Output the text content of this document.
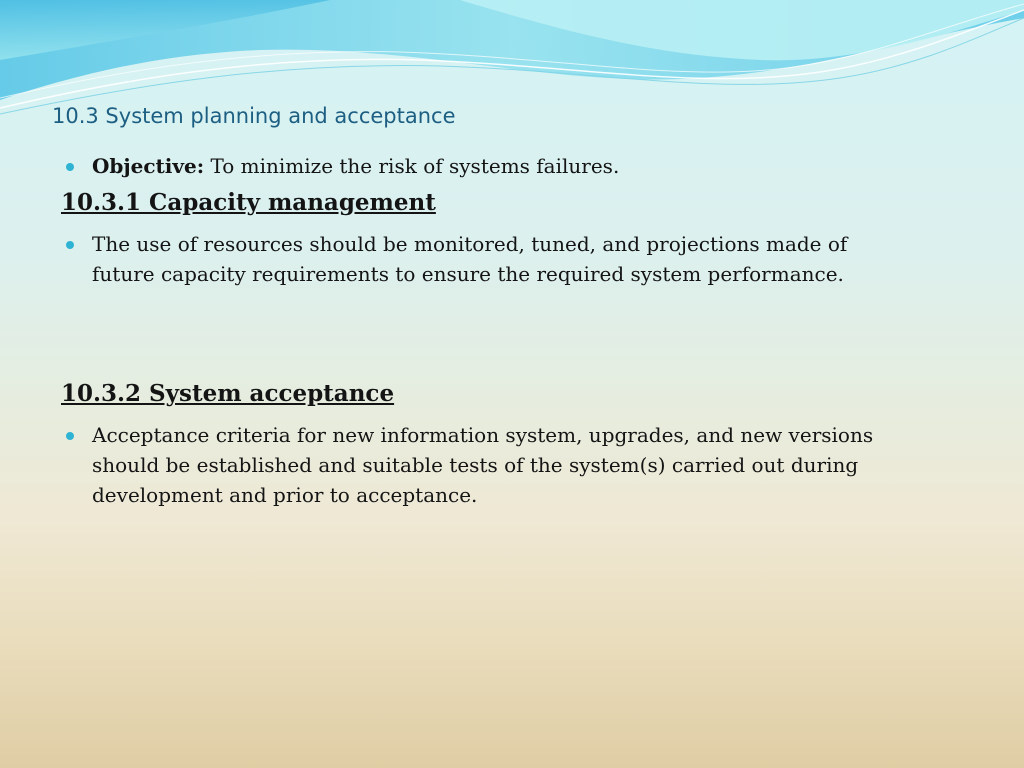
10.3 System planning and acceptance
Objective: To minimize the risk of systems failures.
10.3.1 Capacity management
The use of resources should be monitored, tuned, and projections made of future capacity requirements to ensure the required system performance.
10.3.2 System acceptance
Acceptance criteria for new information system, upgrades, and new versions should be established and suitable tests of the system(s) carried out during development and prior to acceptance.
